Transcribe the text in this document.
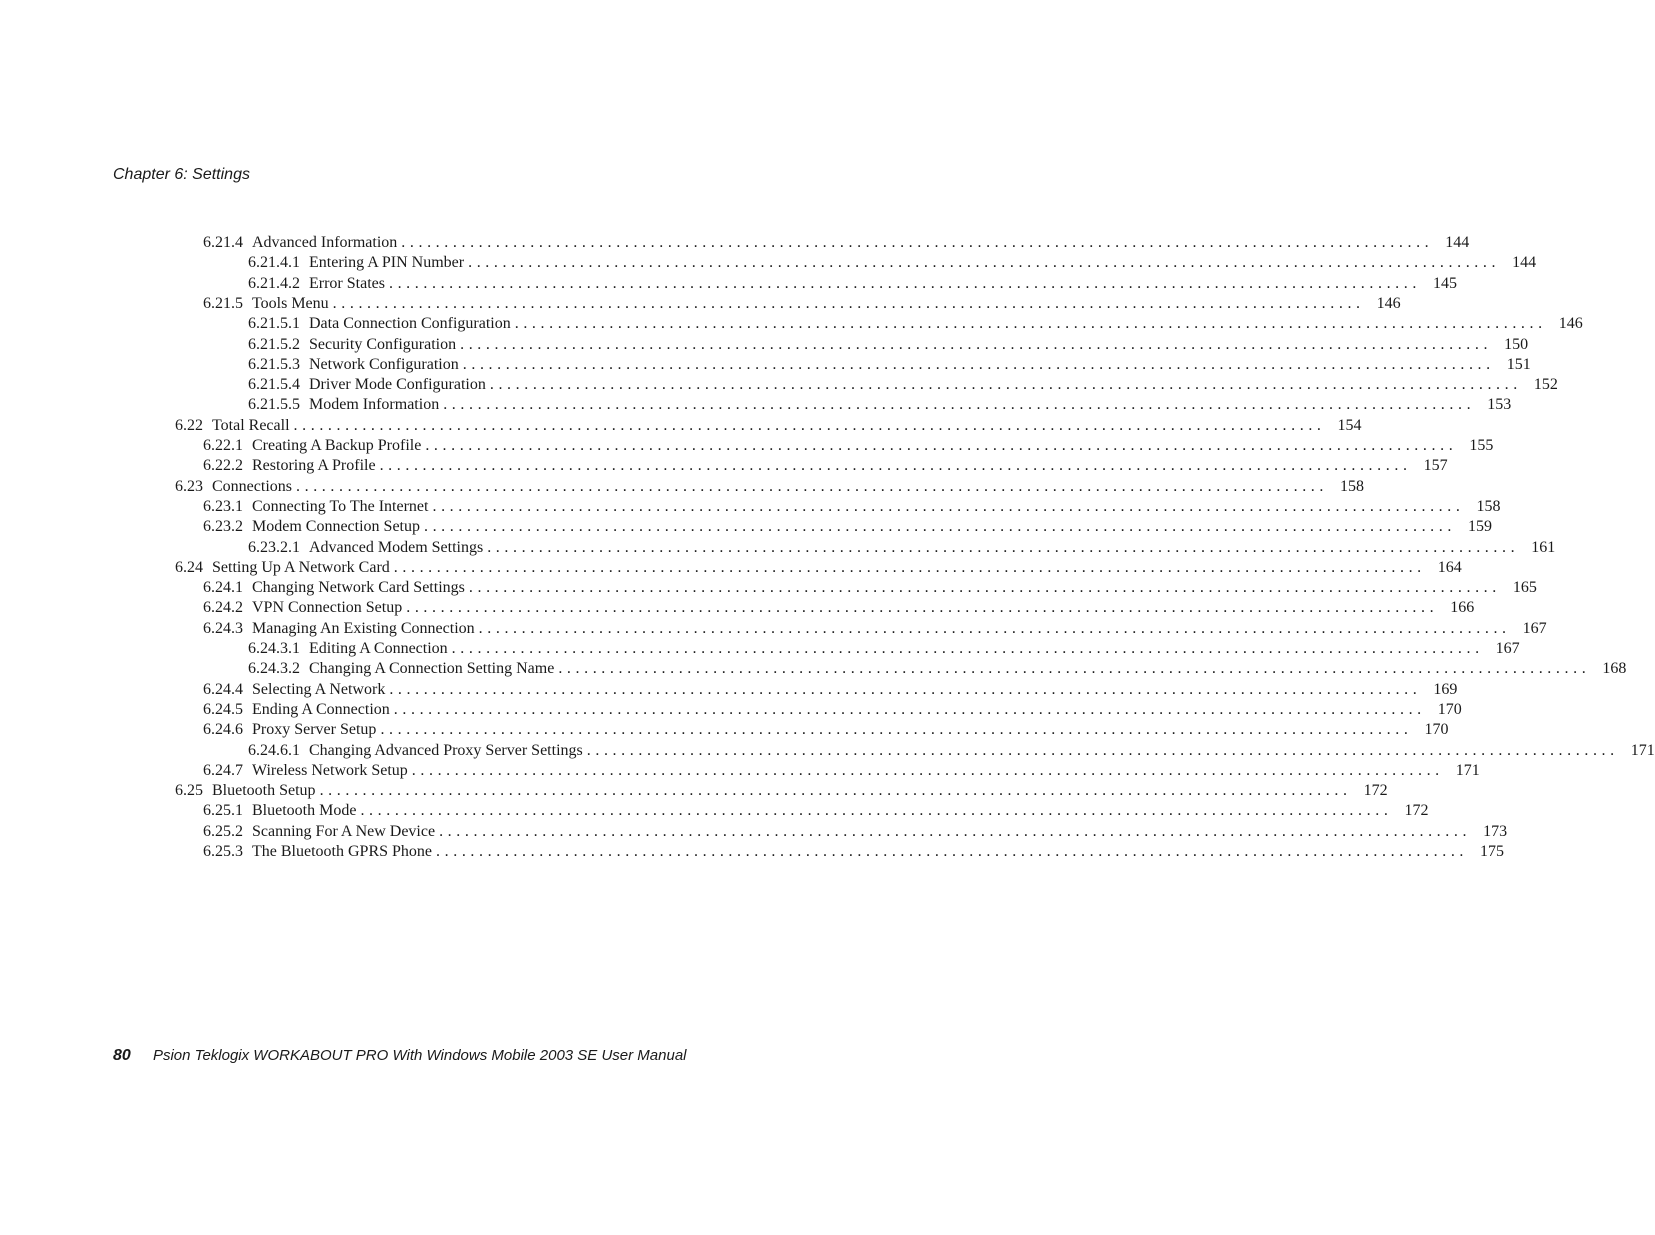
Chapter 6: Settings
6.21.4 Advanced Information ........................................................................................................................ 144
6.21.4.1 Entering A PIN Number ........................................................................................................................ 144
6.21.4.2 Error States ........................................................................................................................ 145
6.21.5 Tools Menu ........................................................................................................................ 146
6.21.5.1 Data Connection Configuration ........................................................................................................................ 146
6.21.5.2 Security Configuration ........................................................................................................................ 150
6.21.5.3 Network Configuration ........................................................................................................................ 151
6.21.5.4 Driver Mode Configuration ........................................................................................................................ 152
6.21.5.5 Modem Information ........................................................................................................................ 153
6.22 Total Recall ........................................................................................................................ 154
6.22.1 Creating A Backup Profile ........................................................................................................................ 155
6.22.2 Restoring A Profile ........................................................................................................................ 157
6.23 Connections ........................................................................................................................ 158
6.23.1 Connecting To The Internet ........................................................................................................................ 158
6.23.2 Modem Connection Setup ........................................................................................................................ 159
6.23.2.1 Advanced Modem Settings ........................................................................................................................ 161
6.24 Setting Up A Network Card ........................................................................................................................ 164
6.24.1 Changing Network Card Settings ........................................................................................................................ 165
6.24.2 VPN Connection Setup ........................................................................................................................ 166
6.24.3 Managing An Existing Connection ........................................................................................................................ 167
6.24.3.1 Editing A Connection ........................................................................................................................ 167
6.24.3.2 Changing A Connection Setting Name ........................................................................................................................ 168
6.24.4 Selecting A Network ........................................................................................................................ 169
6.24.5 Ending A Connection ........................................................................................................................ 170
6.24.6 Proxy Server Setup ........................................................................................................................ 170
6.24.6.1 Changing Advanced Proxy Server Settings ........................................................................................................................ 171
6.24.7 Wireless Network Setup ........................................................................................................................ 171
6.25 Bluetooth Setup ........................................................................................................................ 172
6.25.1 Bluetooth Mode ........................................................................................................................ 172
6.25.2 Scanning For A New Device ........................................................................................................................ 173
6.25.3 The Bluetooth GPRS Phone ........................................................................................................................ 175
80 Psion Teklogix WORKABOUT PRO With Windows Mobile 2003 SE User Manual
